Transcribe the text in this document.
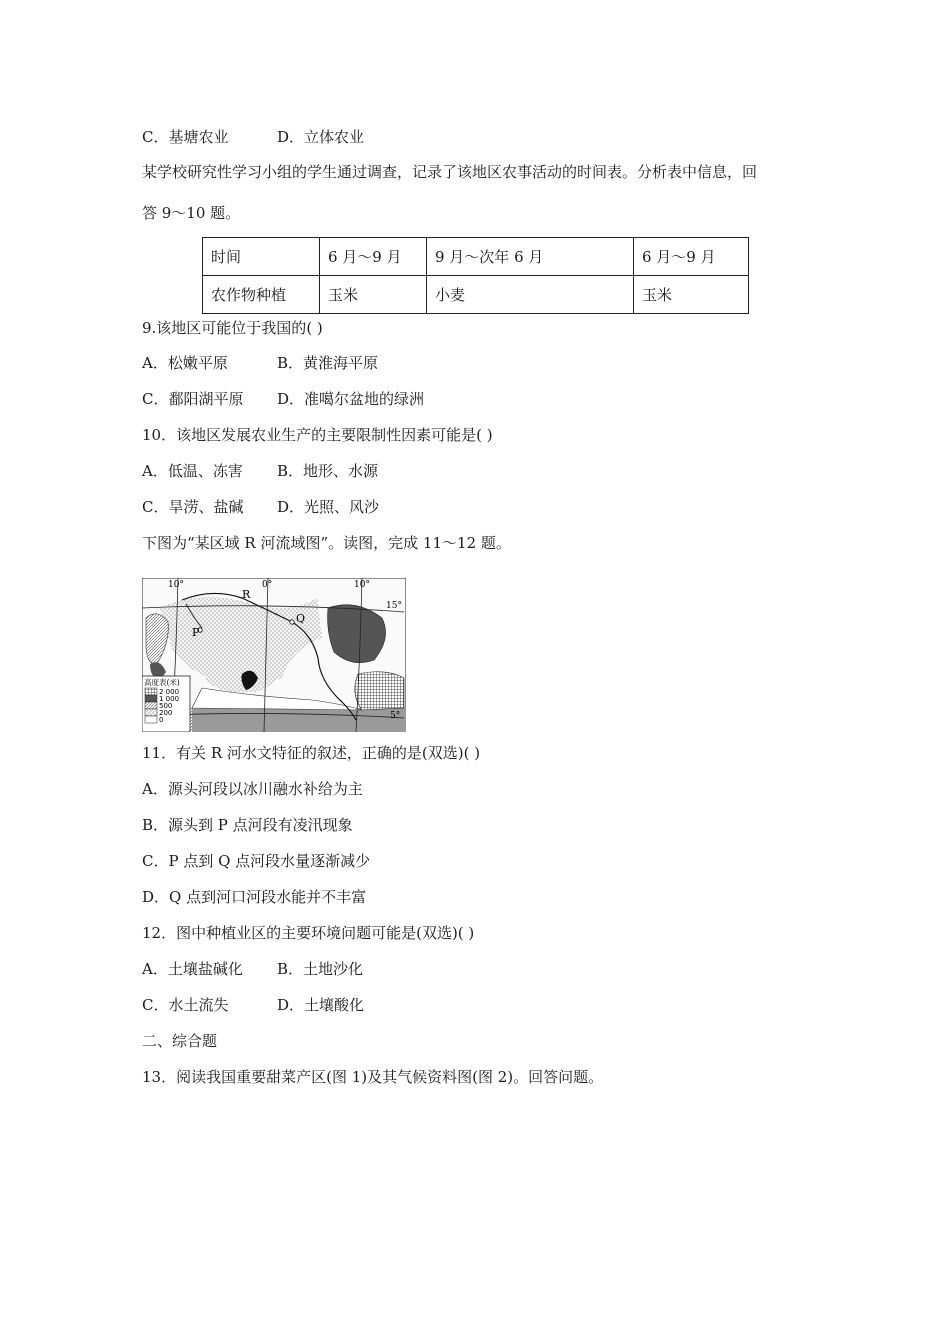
C．基塘农业	D．立体农业
某学校研究性学习小组的学生通过调查，记录了该地区农事活动的时间表。分析表中信息，回
答 9～10 题。
时间	6 月～9 月	9 月～次年 6 月	6 月～9 月
农作物种植	玉米	小麦	玉米
9.该地区可能位于我国的( )
A．松嫩平原	B．黄淮海平原
C．鄱阳湖平原 D．准噶尔盆地的绿洲
10．该地区发展农业生产的主要限制性因素可能是( )
A．低温、冻害 B．地形、水源
C．旱涝、盐碱 D．光照、风沙
下图为“某区域 R 河流域图”。读图，完成 11～12 题。
10°	0°	10°
15°
5°
R
P
Q
高度表(米)
2 000
1 000
500
200
0
11．有关 R 河水文特征的叙述，正确的是(双选)( )
A．源头河段以冰川融水补给为主
B．源头到 P 点河段有凌汛现象
C．P 点到 Q 点河段水量逐渐减少
D．Q 点到河口河段水能并不丰富
12．图中种植业区的主要环境问题可能是(双选)( )
A．土壤盐碱化 B．土地沙化
C．水土流失	D．土壤酸化
二、综合题
13．阅读我国重要甜菜产区(图 1)及其气候资料图(图 2)。回答问题。
